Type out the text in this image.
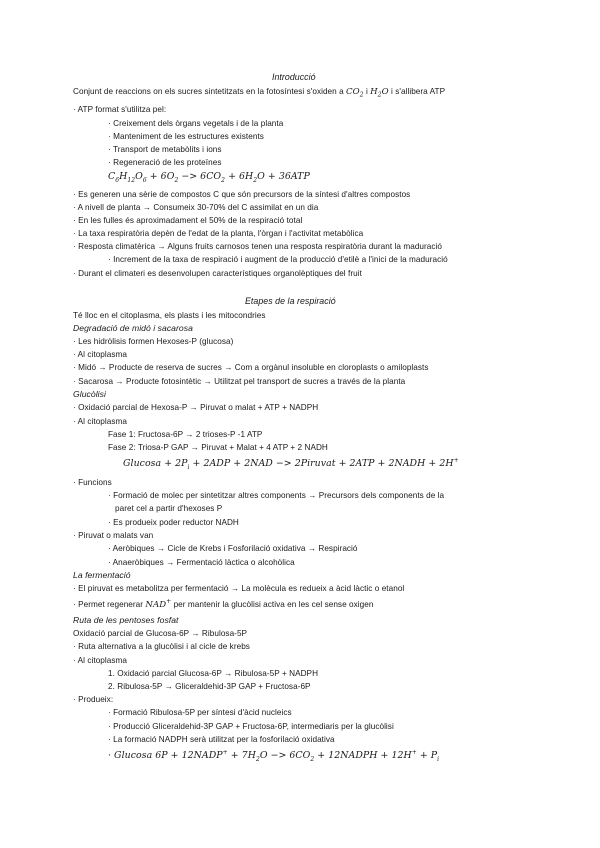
Introducció
Conjunt de reaccions on els sucres sintetitzats en la fotosíntesi s'oxiden a $CO_2$ i $H_2O$ i s'allibera ATP
· ATP format s'utilitza pel:
· Creixement dels òrgans vegetals i de la planta
· Manteniment de les estructures existents
· Transport de metabòlits i ions
· Regeneració de les proteïnes
$C_6H_{12}O_6 + 6O_2 -> 6CO_2 + 6H_2O + 36ATP$
· Es generen una sèrie de compostos C que són precursors de la síntesi d'altres compostos
· A nivell de planta → Consumeix 30-70% del C assimilat en un dia
· En les fulles és aproximadament el 50% de la respiració total
· La taxa respiratòria depèn de l'edat de la planta, l'òrgan i l'activitat metabòlica
· Resposta climatèrica → Alguns fruits carnosos tenen una resposta respiratòria durant la maduració
· Increment de la taxa de respiració i augment de la producció d'etilè a l'inici de la maduració
· Durant el climateri es desenvolupen característiques organolèptiques del fruit
Etapes de la respiració
Té lloc en el citoplasma, els plasts i les mitocondries
Degradació de midó i sacarosa
· Les hidròlisis formen Hexoses-P (glucosa)
· Al citoplasma
· Midó → Producte de reserva de sucres → Com a orgànul insoluble en cloroplasts o amiloplasts
· Sacarosa → Producte fotosintètic → Utilitzat pel transport de sucres a través de la planta
Glucòlisi
· Oxidació parcial de Hexosa-P → Piruvat o malat + ATP + NADPH
· Al citoplasma
Fase 1: Fructosa-6P → 2 trioses-P -1 ATP
Fase 2: Triosa-P GAP → Piruvat + Malat + 4 ATP + 2 NADH
$Glucosa + 2P_i + 2ADP + 2NAD$ −> 2Piruvat + 2ATP + 2NADH + 2H+
· Funcions
· Formació de molec per sintetitzar altres components → Precursors dels components de la
paret cel a partir d'hexoses P
· Es produeix poder reductor NADH
· Piruvat o malats van
· Aeròbiques → Cicle de Krebs i Fosforilació oxidativa → Respiració
· Anaeròbiques → Fermentació làctica o alcohòlica
La fermentació
· El piruvat es metabolitza per fermentació → La molècula es redueix a àcid làctic o etanol
· Permet regenerar NAD+ per mantenir la glucòlisi activa en les cel sense oxigen
Ruta de les pentoses fosfat
Oxidació parcial de Glucosa-6P → Ribulosa-5P
· Ruta alternativa a la glucòlisi i al cicle de krebs
· Al citoplasma
1. Oxidació parcial Glucosa-6P → Ribulosa-5P + NADPH
2. Ribulosa-5P → Gliceraldehid-3P GAP + Fructosa-6P
· Produeix:
· Formació Ribulosa-5P per síntesi d'àcid nucleics
· Producció Gliceraldehid-3P GAP + Fructosa-6P, intermediaris per la glucòlisi
· La formació NADPH serà utilitzat per la fosforilació oxidativa
· Glucosa 6P + 12NADP+ + $7H_2O -> 6CO_2$ + 12NADPH + $12H^+ + P_i$
